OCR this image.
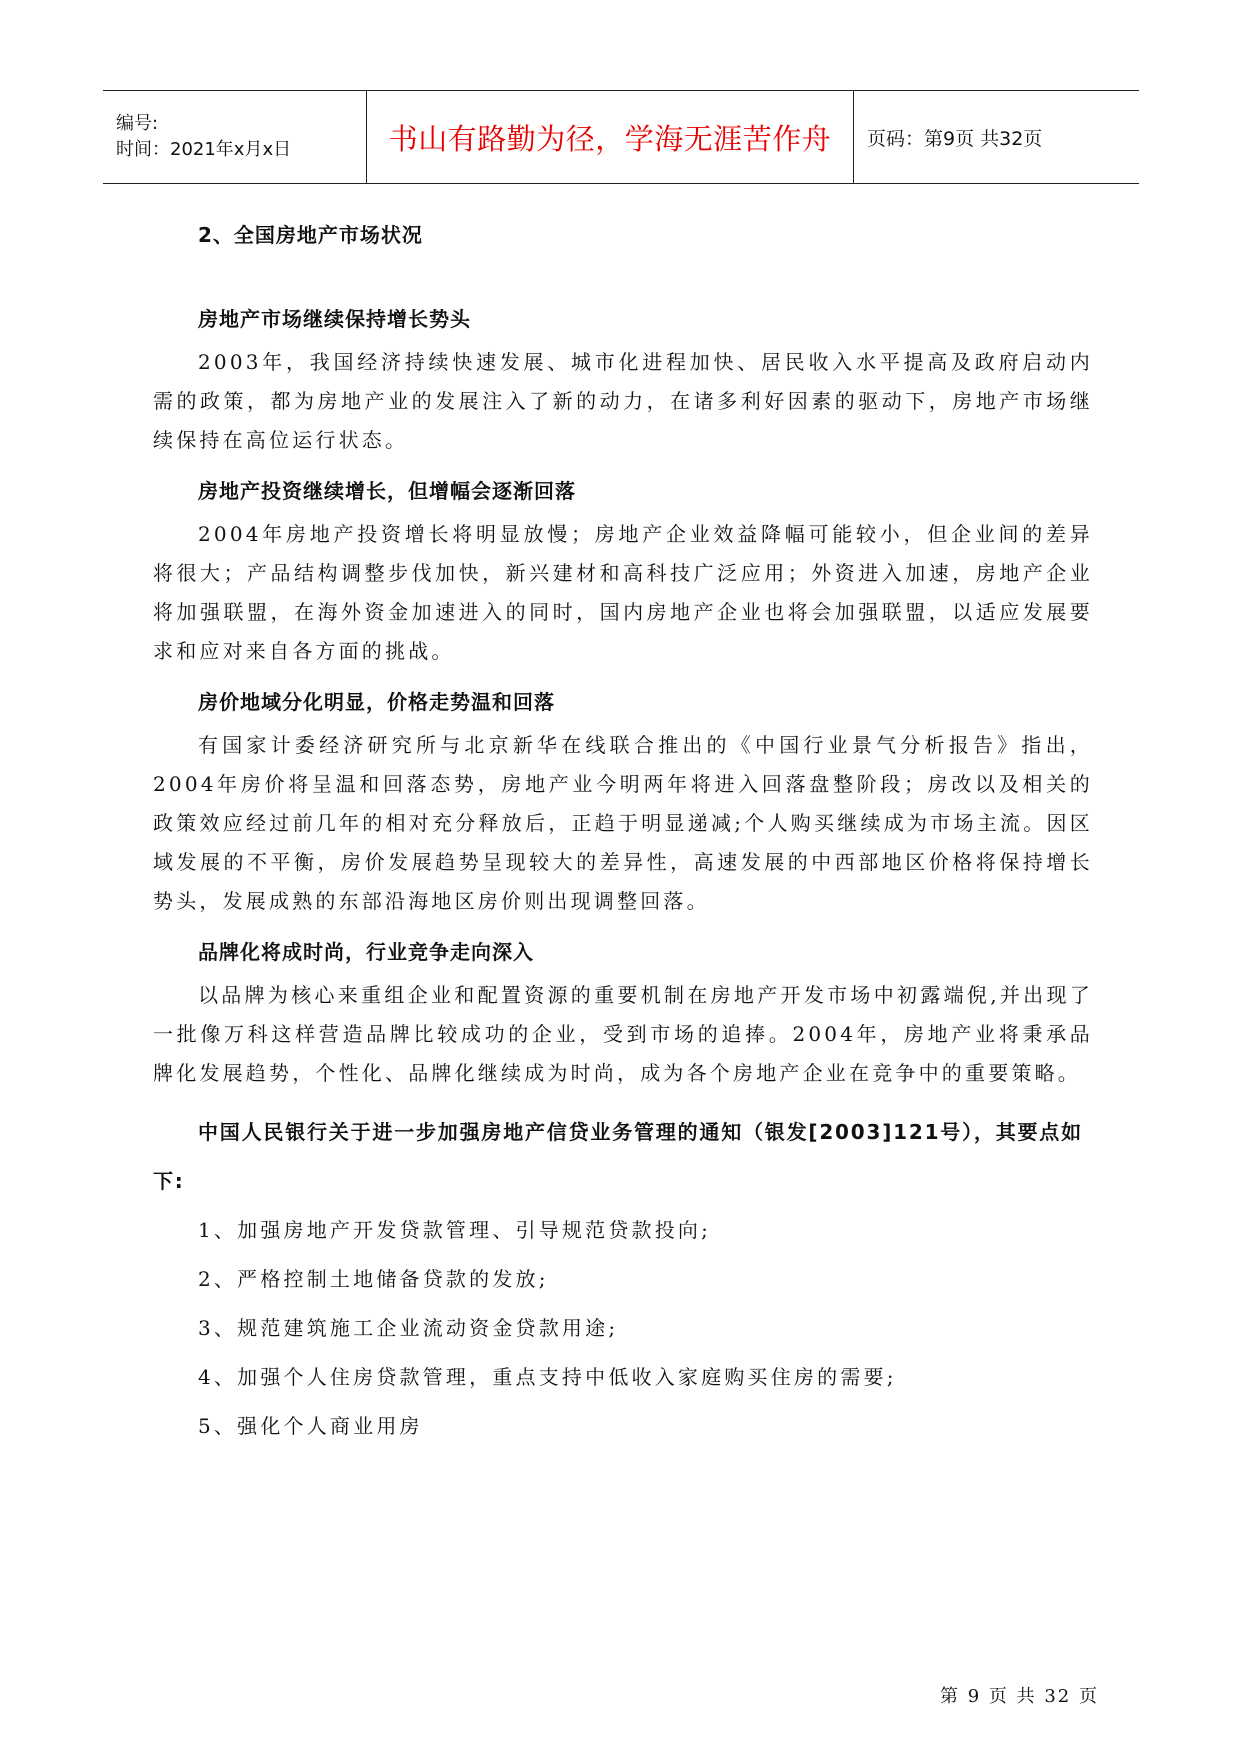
编号:
时间：2021年x月x日	书山有路勤为径，学海无涯苦作舟	页码：第9页 共32页
2、全国房地产市场状况
房地产市场继续保持增长势头

2003年，我国经济持续快速发展、城市化进程加快、居民收入水平提高及政府启动内需的政策，都为房地产业的发展注入了新的动力，在诸多利好因素的驱动下，房地产市场继续保持在高位运行状态。

房地产投资继续增长，但增幅会逐渐回落

2004年房地产投资增长将明显放慢；房地产企业效益降幅可能较小，但企业间的差异将很大；产品结构调整步伐加快，新兴建材和高科技广泛应用；外资进入加速，房地产企业将加强联盟，在海外资金加速进入的同时，国内房地产企业也将会加强联盟，以适应发展要求和应对来自各方面的挑战。

房价地域分化明显，价格走势温和回落

有国家计委经济研究所与北京新华在线联合推出的《中国行业景气分析报告》指出，2004年房价将呈温和回落态势，房地产业今明两年将进入回落盘整阶段；房改以及相关的政策效应经过前几年的相对充分释放后，正趋于明显递减;个人购买继续成为市场主流。因区域发展的不平衡，房价发展趋势呈现较大的差异性，高速发展的中西部地区价格将保持增长势头，发展成熟的东部沿海地区房价则出现调整回落。

品牌化将成时尚，行业竞争走向深入

以品牌为核心来重组企业和配置资源的重要机制在房地产开发市场中初露端倪,并出现了一批像万科这样营造品牌比较成功的企业，受到市场的追捧。2004年，房地产业将秉承品牌化发展趋势，个性化、品牌化继续成为时尚，成为各个房地产企业在竞争中的重要策略。

中国人民银行关于进一步加强房地产信贷业务管理的通知（银发[2003]121号），其要点如下:
1、加强房地产开发贷款管理、引导规范贷款投向;
2、严格控制土地储备贷款的发放;
3、规范建筑施工企业流动资金贷款用途;
4、加强个人住房贷款管理，重点支持中低收入家庭购买住房的需要;
5、强化个人商业用房
第 9 页 共 32 页
